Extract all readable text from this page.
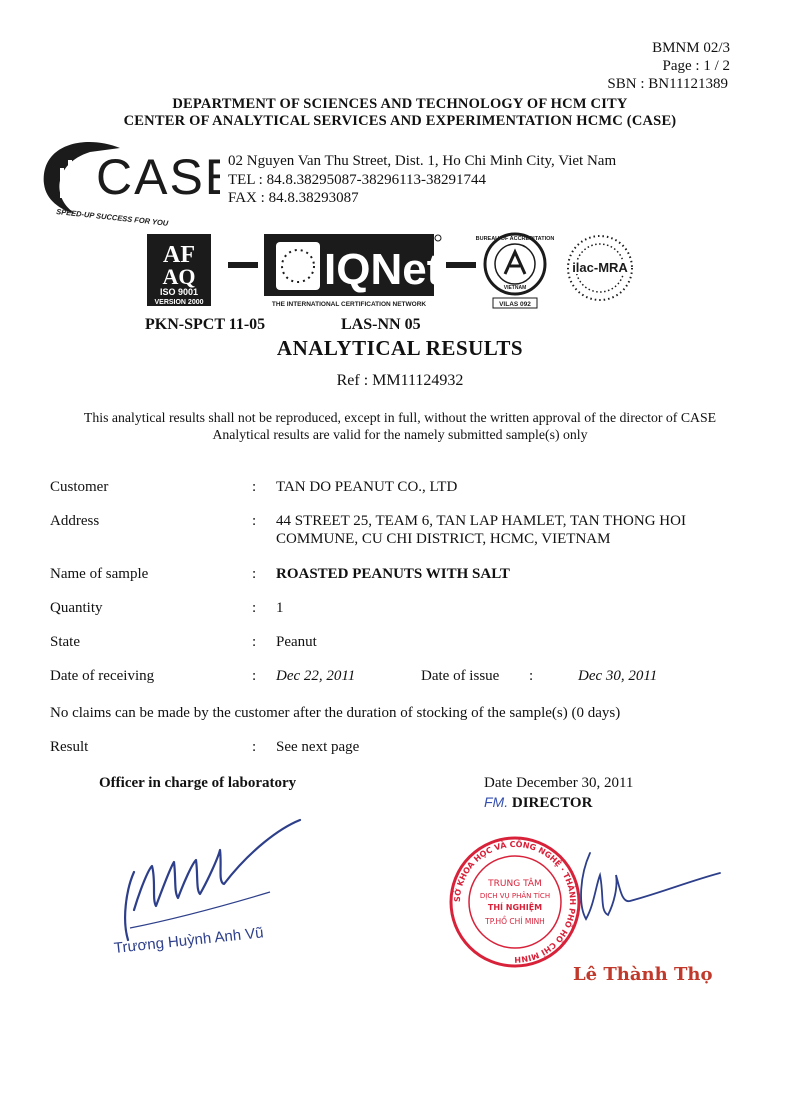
BMNM 02/3
Page : 1 / 2
SBN : BN11121389
DEPARTMENT OF SCIENCES AND TECHNOLOGY OF HCM CITY
CENTER OF ANALYTICAL SERVICES AND EXPERIMENTATION HCMC (CASE)
CAS
SPEED-UP SUCCESS FOR YOU
02 Nguyen Van Thu Street, Dist. 1, Ho Chi Minh City, Viet Nam
TEL : 84.8.38295087-38296113-38291744
FAX : 84.8.38293087
AF
AQ
ISO 9001
VERSION 2000
IQNet
THE INTERNATIONAL CERTIFICATION NETWORK
BUREAU OF ACCREDITATION
VIETNAM
VILAS 092
ilac-MRA
PKN-SPCT 11-05	LAS-NN 05
ANALYTICAL RESULTS
Ref : MM11124932
This analytical results shall not be reproduced, except in full, without the written approval of the director of CASE
Analytical results are valid for the namely submitted sample(s) only
Customer	: TAN DO PEANUT CO., LTD
Address	: 44 STREET 25, TEAM 6, TAN LAP HAMLET, TAN THONG HOI
COMMUNE, CU CHI DISTRICT, HCMC, VIETNAM
Name of sample	: ROASTED PEANUTS WITH SALT
Quantity	: 1
State	: Peanut
Date of receiving	: Dec 22, 2011	Date of issue :	Dec 30, 2011
No claims can be made by the customer after the duration of stocking of the sample(s) (0 days)
Result	: See next page
Officer in charge of laboratory	Date December 30, 2011
FM. DIRECTOR
Trương Huỳnh Anh Vũ
SỞ KHOA HỌC VÀ CÔNG NGHỆ · THÀNH PHỐ HỒ CHÍ MINH
TRUNG TÂM
DỊCH VỤ PHÂN TÍCH
THÍ NGHIỆM
TP.HỒ CHÍ MINH
Lê Thành Thọ
